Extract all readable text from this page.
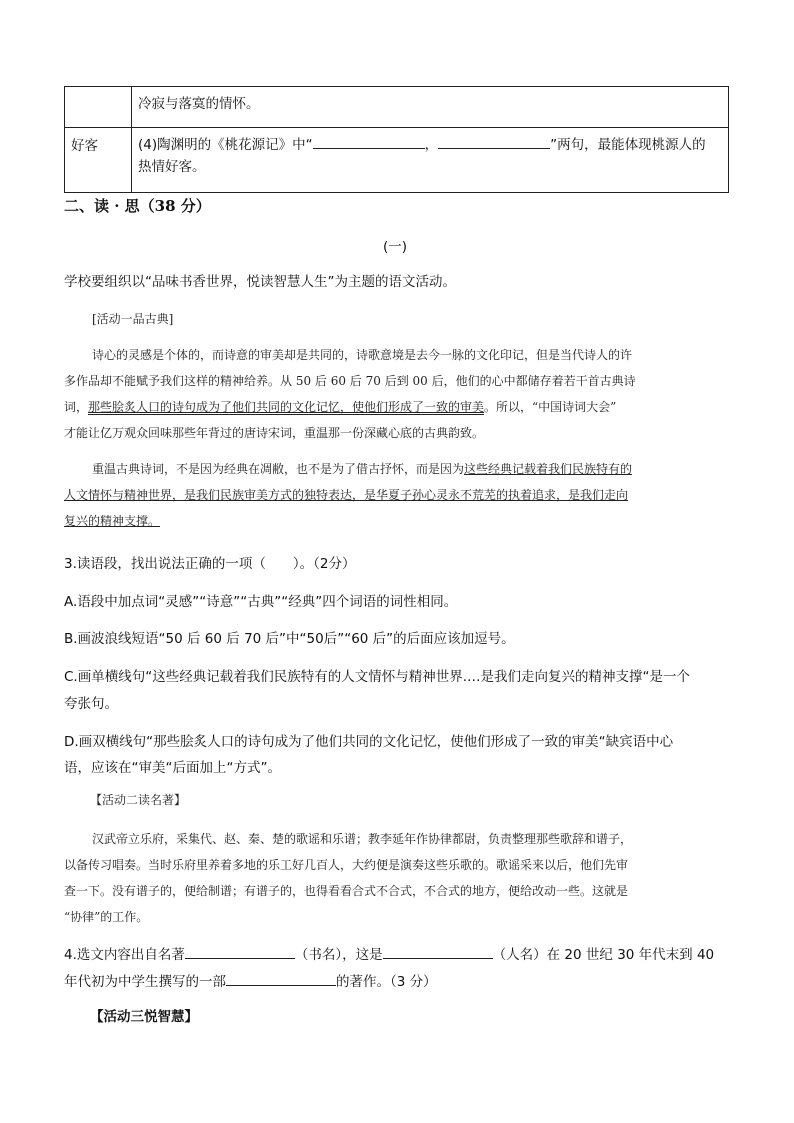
	冷寂与落寞的情怀。
好客	(4)陶渊明的《桃花源记》中“ ， ”两句，最能体现桃源人的
热情好客。
二、读 · 思（38 分）
(一)
学校要组织以“品味书香世界，悦读智慧人生”为主题的语文活动。
[活动一品古典]
诗心的灵感是个体的，而诗意的审美却是共同的，诗歌意境是去今一脉的文化印记，但是当代诗人的许
多作品却不能赋予我们这样的精神给养。从 50 后 60 后 70 后到 00 后，他们的心中都储存着若干首古典诗
词，那些脍炙人口的诗句成为了他们共同的文化记忆，使他们形成了一致的审美。所以，“中国诗词大会”
才能让亿万观众回味那些年背过的唐诗宋词，重温那一份深藏心底的古典韵致。
重温古典诗词，不是因为经典在凋敝，也不是为了借古抒怀，而是因为这些经典记载着我们民族特有的
人文情怀与精神世界，是我们民族审美方式的独特表达，是华夏子孙心灵永不荒芜的执着追求，是我们走向
复兴的精神支撑。
3.读语段，找出说法正确的一项（　　）。（2分）
A.语段中加点词“灵感”“诗意”“古典”“经典”四个词语的词性相同。
B.画波浪线短语“50 后 60 后 70 后”中“50后”“60 后”的后面应该加逗号。
C.画单横线句“这些经典记载着我们民族特有的人文情怀与精神世界.…是我们走向复兴的精神支撑“是一个
夸张句。
D.画双横线句“那些脍炙人口的诗句成为了他们共同的文化记忆，使他们形成了一致的审美“缺宾语中心
语，应该在“审美“后面加上“方式”。
【活动二读名著】
汉武帝立乐府，采集代、赵、秦、楚的歌谣和乐谱；教李延年作协律都尉，负责整理那些歌辞和谱子，
以备传习唱奏。当时乐府里养着多地的乐工好几百人，大约便是演奏这些乐歌的。歌谣采来以后，他们先审
查一下。没有谱子的，便给制谱；有谱子的，也得看看合式不合式，不合式的地方，便给改动一些。这就是
“协律”的工作。
4.选文内容出自名著	（书名），这是	（人名）在 20 世纪 30 年代末到 40
年代初为中学生撰写的一部	的著作。（3 分）
【活动三悦智慧】
